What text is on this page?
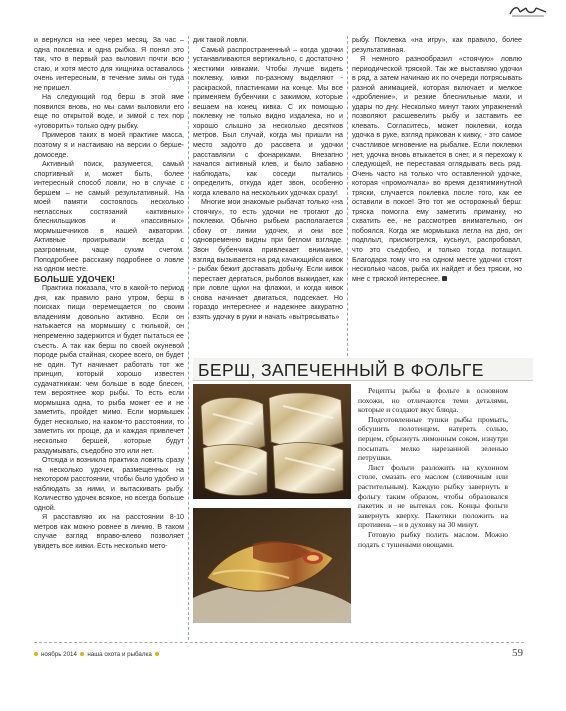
и вернулся на нее через месяц. За час – одна поклевка и одна рыбка. Я понял это так, что в первый раз выловил почти всю стаю, и хотя место для хищника оставалось очень интересным, в течение зимы он туда не пришел.

На следующий год берш в этой яме появился вновь, но мы сами выловили его еще по открытой воде, и зимой с тех пор «уговорить» только одну рыбку.

Примеров таких в моей практике масса, поэтому я и настаиваю на версии о берше-домоседе.

Активный поиск, разумеется, самый спортивный и, может быть, более интересный способ ловли, но в случае с бершем – не самый результативный. На моей памяти состоялось несколько неглаcсных состязаний «активных» блеснильщиков и «пассивных» мормышечников в нашей акватории. Активные проигрывали всегда с разгромным, чаще сухим счетом. Поподробнее расскажу подробнее о ловле на одном месте.

БОЛЬШЕ УДОЧЕК!

Практика показала, что в какой-то период дня, как правило рано утром, берш в поисках пищи перемещается по своим владениям довольно активно. Если он натыкается на мормышку с тюлькой, он непременно задержится и будет пытаться ее съесть. А так как берш по своей окуневой породе рыба стайная, скорее всего, он будет не один. Тут начинает работать тот же принцип, который хорошо известен судачатникам: чем больше в воде блесен, тем вероятнее жор рыбы. То есть если мормышка одна, то рыба может ее и не заметить, пройдет мимо. Если мормышек будет несколько, на каком-то расстоянии, то заметить их проще, да и каждая привлечет несколько бершей, которые будут раздумывать, съедобно это или нет.

Отсюда и возникла практика ловить сразу на несколько удочек, размещенных на некотором расстоянии, чтобы было удобно и наблюдать за ними, и вытаскивать рыбу. Количество удочек всякое, но всегда больше одной.

Я расставляю их на расстоянии 8-10 метров как можно ровнее в линию. В таком случае взгляд вправо-влево позволяет увидеть все кивки. Есть несколько мето-

дик такой ловли.

Самый распространенный – когда удочки устанавливаются вертикально, с достаточно жесткими кивками. Чтобы лучше видеть поклевку, кивки по-разному выделяют - раскраской, пластинками на конце. Мы все применяем бубенчики с зажимом, которые вешаем на конец кивка. С их помощью поклевку не только видно издалека, но и хорошо слышно за несколько десятков метров. Был случай, когда мы пришли на место задолго до рассвета и удочки расставляли с фонариками. Внезапно начался активный клев, и было забавно наблюдать, как соседи пытались определить, откуда идет звон, особенно когда клевало на нескольких удочках сразу!

Многие мои знакомые рыбачат только «на стоячку», то есть удочки не трогают до поклевки. Обычно рыбьем располагается сбоку от линии удочек, и они все одновременно видны при беглом взгляде. Звон бубенчика привлекает внимание, взгляд вызывается на ряд качающийся кивок - рыбак бежит доставать добычу. Если кивок перестает дергаться, рыболов выжидает, как при ловле щуки на флажки, и когда кивок снова начинает двигаться, подсекает. Но гораздо интереснее и надежнее аккуратно взять удочку в руки и начать «вытрясывать»

рыбу. Поклевка «на игру», как правило, более результативная.

Я немного разнообразил «стоячую» ловлю периодической тряской. Так же выставляю удочки в ряд, а затем начинаю их по очереди потрясывать разной анимацией, которая включает и мелкое «дробление», и резкие блеснильные маxи, и удары по дну. Несколько минут таких упражнений позволяют расшевелить рыбу и заставить ее клевать. Согласитесь, может поклевки, когда удочка в руке, взгляд прикован к кивку, - это самое счастливое мгновение на рыбалке. Если поклевки нет, удочка вновь втыкается в снег, и я перехожу к следующей, не переставая оглядывать весь ряд. Очень часто на только что оставленной удочке, которая «промолчала» во время дезятиминутной тряски, случается поклевка после того, как ее оставили в покое! Это тот же осторожный берш: тряска помогла ему заметить приманку, но схватить ее, не рассмотрев внимательно, он побоялся. Когда же мормышка легла на дно, он подплыл, присмотрелся, кусьнул, распробовал, что это съедобно, и только тогда потащил. Благодаря тому что на одном месте удочки стоят несколько часов, рыба их найдет и без тряски, но мне с тряской интереснее.

БЕРШ, ЗАПЕЧЕННЫЙ В ФОЛЬГЕ

Рецепты рыбы в фольге в основном похожи, но отличаются теми деталями, которые и создают вкус блюда.

Подготовленные тушки рыбы промыть, обсушить полотенцем, натереть солью, перцем, сбрызнуть лимонным соком, изнутри посыпать мелко нарезанной зеленью петрушки.

Лист фольги разложить на кухонном столе, смазать его маслом (сливочным или растительным). Каждую рыбку завернуть в фольгу таким образом, чтобы образовался пакетик и не вытекал сок. Концы фольги завернуть кверху. Пакетики положить на противень – и в духовку на 30 минут.

Готовую рыбку полить маслом. Можно подать с тушеными овощами.

ноябрь 2014 наша охота и рыбалка	59
